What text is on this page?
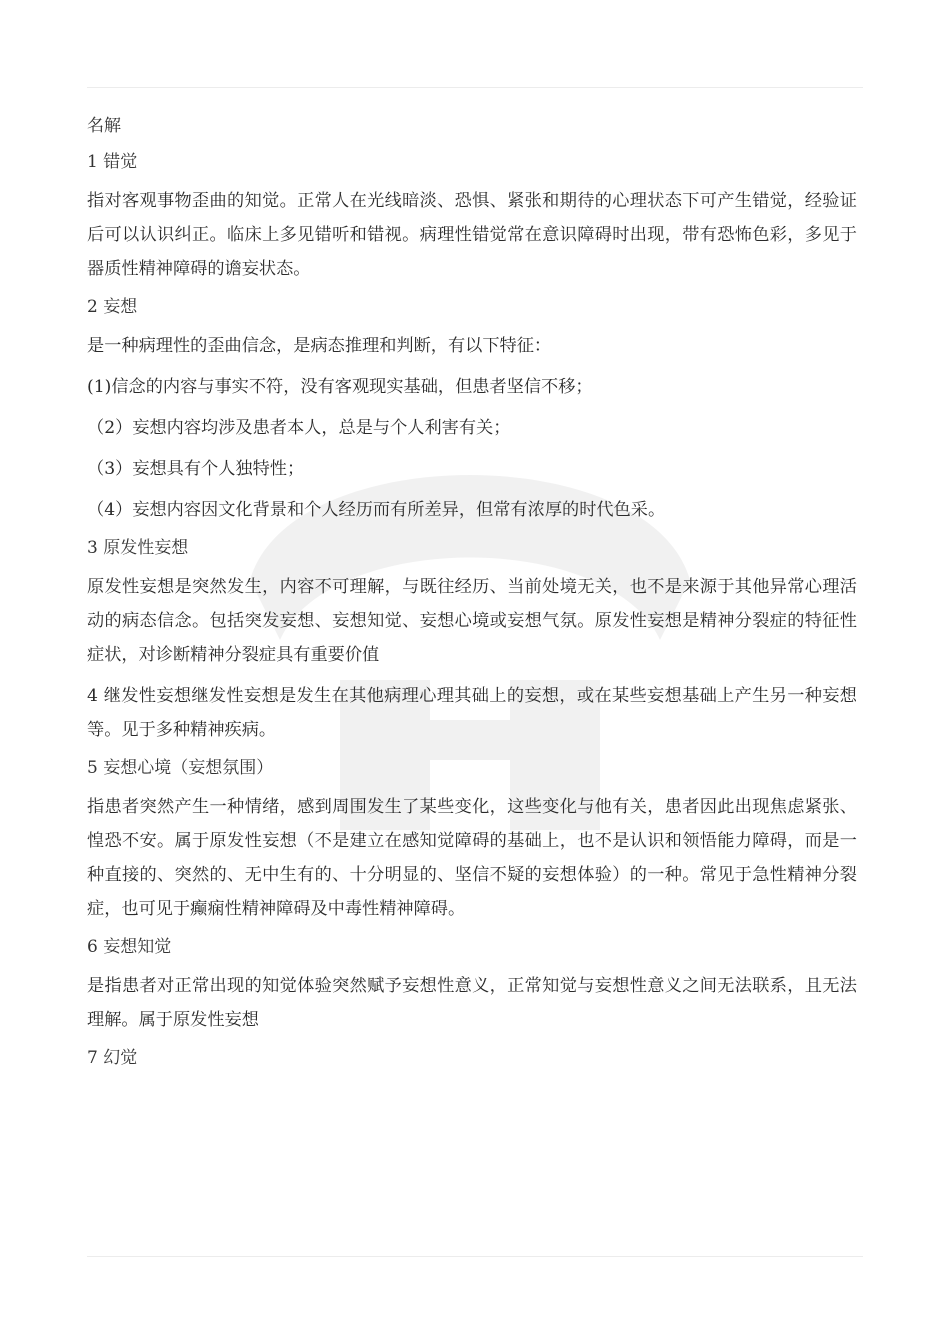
名解
1 错觉
指对客观事物歪曲的知觉。正常人在光线暗淡、恐惧、紧张和期待的心理状态下可产生错觉，经验证后可以认识纠正。临床上多见错听和错视。病理性错觉常在意识障碍时出现，带有恐怖色彩，多见于器质性精神障碍的谵妄状态。
2 妄想
是一种病理性的歪曲信念，是病态推理和判断，有以下特征：
(1)信念的内容与事实不符，没有客观现实基础，但患者坚信不移；
（2）妄想内容均涉及患者本人，总是与个人利害有关；
（3）妄想具有个人独特性；
（4）妄想内容因文化背景和个人经历而有所差异，但常有浓厚的时代色采。
3 原发性妄想
原发性妄想是突然发生，内容不可理解，与既往经历、当前处境无关，也不是来源于其他异常心理活动的病态信念。包括突发妄想、妄想知觉、妄想心境或妄想气氛。原发性妄想是精神分裂症的特征性症状，对诊断精神分裂症具有重要价值
4 继发性妄想继发性妄想是发生在其他病理心理其础上的妄想，或在某些妄想基础上产生另一种妄想等。见于多种精神疾病。
5 妄想心境（妄想氛围）
指患者突然产生一种情绪，感到周围发生了某些变化，这些变化与他有关，患者因此出现焦虑紧张、惶恐不安。属于原发性妄想（不是建立在感知觉障碍的基础上，也不是认识和领悟能力障碍，而是一种直接的、突然的、无中生有的、十分明显的、坚信不疑的妄想体验）的一种。常见于急性精神分裂症，也可见于癫痫性精神障碍及中毒性精神障碍。
6 妄想知觉
是指患者对正常出现的知觉体验突然赋予妄想性意义，正常知觉与妄想性意义之间无法联系，且无法理解。属于原发性妄想
7 幻觉
